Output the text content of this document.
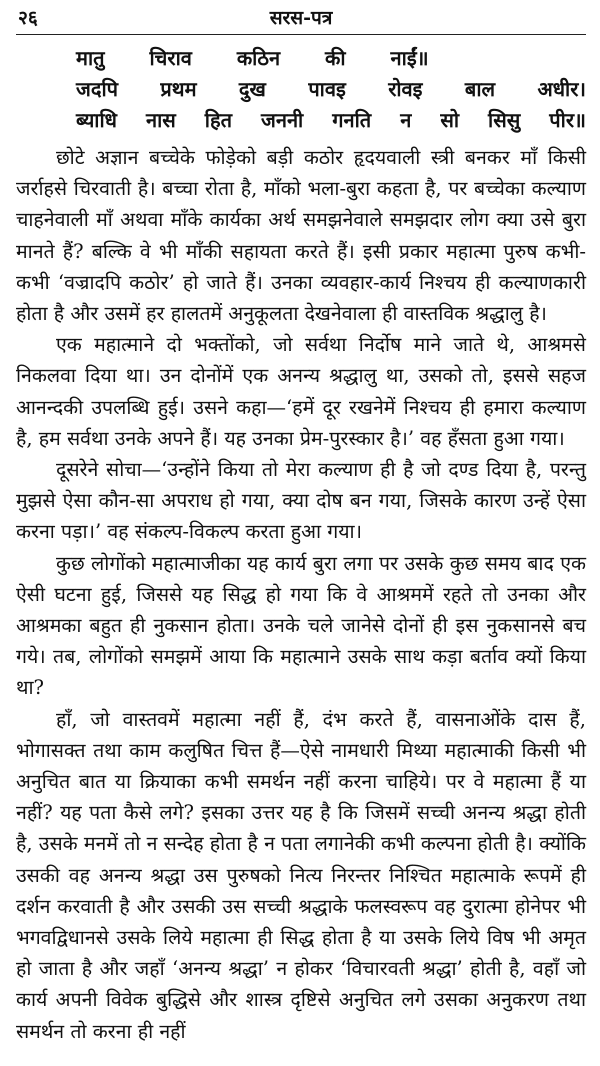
२६	सरस-पत्र
मातु चिराव कठिन की नाईं॥
जदपि प्रथम दुख पावइ रोवइ बाल अधीर।
ब्याधि नास हित जननी गनति न सो सिसु पीर॥

छोटे अज्ञान बच्चेके फोड़ेको बड़ी कठोर हृदयवाली स्त्री बनकर माँ किसी जर्राहसे चिरवाती है। बच्चा रोता है, माँको भला-बुरा कहता है, पर बच्चेका कल्याण चाहनेवाली माँ अथवा माँके कार्यका अर्थ समझनेवाले समझदार लोग क्या उसे बुरा मानते हैं? बल्कि वे भी माँकी सहायता करते हैं। इसी प्रकार महात्मा पुरुष कभी-कभी ‘वज्रादपि कठोर’ हो जाते हैं। उनका व्यवहार-कार्य निश्चय ही कल्याणकारी होता है और उसमें हर हालतमें अनुकूलता देखनेवाला ही वास्तविक श्रद्धालु है।

एक महात्माने दो भक्तोंको, जो सर्वथा निर्दोष माने जाते थे, आश्रमसे निकलवा दिया था। उन दोनोंमें एक अनन्य श्रद्धालु था, उसको तो, इससे सहज आनन्दकी उपलब्धि हुई। उसने कहा—‘हमें दूर रखनेमें निश्चय ही हमारा कल्याण है, हम सर्वथा उनके अपने हैं। यह उनका प्रेम-पुरस्कार है।’ वह हँसता हुआ गया।

दूसरेने सोचा—‘उन्होंने किया तो मेरा कल्याण ही है जो दण्ड दिया है, परन्तु मुझसे ऐसा कौन-सा अपराध हो गया, क्या दोष बन गया, जिसके कारण उन्हें ऐसा करना पड़ा।’ वह संकल्प-विकल्प करता हुआ गया।

कुछ लोगोंको महात्माजीका यह कार्य बुरा लगा पर उसके कुछ समय बाद एक ऐसी घटना हुई, जिससे यह सिद्ध हो गया कि वे आश्रममें रहते तो उनका और आश्रमका बहुत ही नुकसान होता। उनके चले जानेसे दोनों ही इस नुकसानसे बच गये। तब, लोगोंको समझमें आया कि महात्माने उसके साथ कड़ा बर्ताव क्यों किया था?

हाँ, जो वास्तवमें महात्मा नहीं हैं, दंभ करते हैं, वासनाओंके दास हैं, भोगासक्त तथा काम कलुषित चित्त हैं—ऐसे नामधारी मिथ्या महात्माकी किसी भी अनुचित बात या क्रियाका कभी समर्थन नहीं करना चाहिये। पर वे महात्मा हैं या नहीं? यह पता कैसे लगे? इसका उत्तर यह है कि जिसमें सच्ची अनन्य श्रद्धा होती है, उसके मनमें तो न सन्देह होता है न पता लगानेकी कभी कल्पना होती है। क्योंकि उसकी वह अनन्य श्रद्धा उस पुरुषको नित्य निरन्तर निश्चित महात्माके रूपमें ही दर्शन करवाती है और उसकी उस सच्ची श्रद्धाके फलस्वरूप वह दुरात्मा होनेपर भी भगवद्विधानसे उसके लिये महात्मा ही सिद्ध होता है या उसके लिये विष भी अमृत हो जाता है और जहाँ ‘अनन्य श्रद्धा’ न होकर ‘विचारवती श्रद्धा’ होती है, वहाँ जो कार्य अपनी विवेक बुद्धिसे और शास्त्र दृष्टिसे अनुचित लगे उसका अनुकरण तथा समर्थन तो करना ही नहीं
